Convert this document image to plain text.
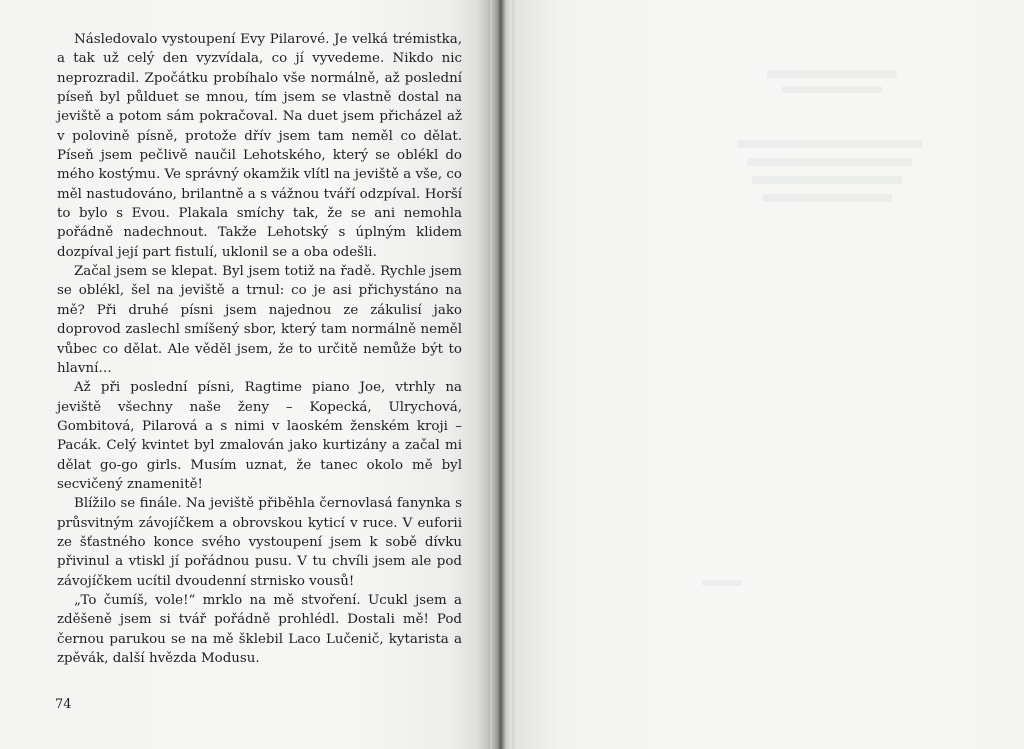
Následovalo vystoupení Evy Pilarové. Je velká trémistka, a tak už celý den vyzvídala, co jí vyvedeme. Nikdo nic neprozradil. Zpočátku probíhalo vše normálně, až poslední píseň byl půlduet se mnou, tím jsem se vlastně dostal na jeviště a potom sám pokračoval. Na duet jsem přicházel až v polovině písně, protože dřív jsem tam neměl co dělat. Píseň jsem pečlivě naučil Lehotského, který se oblékl do mého kostýmu. Ve správný okamžik vlítl na jeviště a vše, co měl nastudováno, brilantně a s vážnou tváří odzpíval. Horší to bylo s Evou. Plakala smíchy tak, že se ani nemohla pořádně nadechnout. Takže Lehotský s úplným klidem dozpíval její part fistulí, uklonil se a oba odešli.

Začal jsem se klepat. Byl jsem totiž na řadě. Rychle jsem se oblékl, šel na jeviště a trnul: co je asi přichystáno na mě? Při druhé písni jsem najednou ze zákulisí jako doprovod zaslechl smíšený sbor, který tam normálně neměl vůbec co dělat. Ale věděl jsem, že to určitě nemůže být to hlavní…

Až při poslední písni, Ragtime piano Joe, vtrhly na jeviště všechny naše ženy – Kopecká, Ulrychová, Gombitová, Pilarová a s nimi v laoském ženském kroji – Pacák. Celý kvintet byl zmalován jako kurtizány a začal mi dělat go-go girls. Musím uznat, že tanec okolo mě byl secvičený znamenitě!

Blížilo se finále. Na jeviště přiběhla černovlasá fanynka s průsvitným závojíčkem a obrovskou kyticí v ruce. V euforii ze šťastného konce svého vystoupení jsem k sobě dívku přivinul a vtiskl jí pořádnou pusu. V tu chvíli jsem ale pod závojíčkem ucítil dvoudenní strnisko vousů!

„To čumíš, vole!“ mrklo na mě stvoření. Ucukl jsem a zděšeně jsem si tvář pořádně prohlédl. Dostali mě! Pod černou parukou se na mě šklebil Laco Lučenič, kytarista a zpěvák, další hvězda Modusu.

74
